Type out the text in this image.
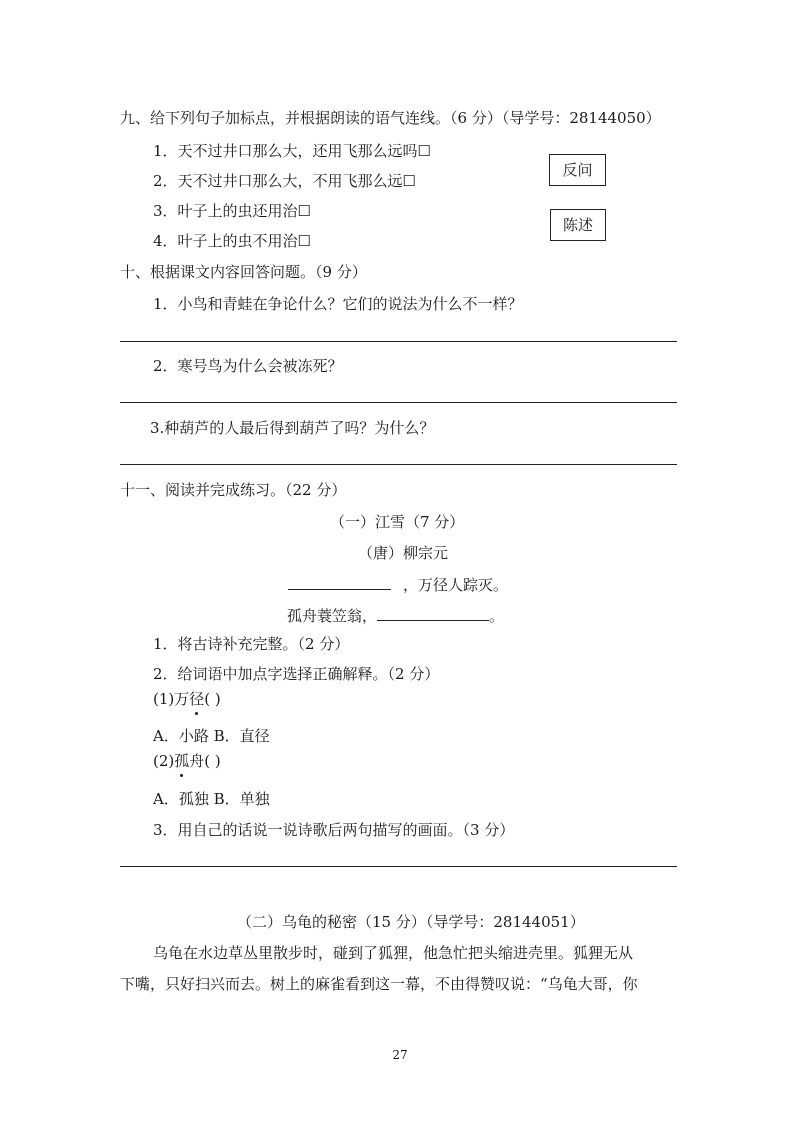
九、给下列句子加标点，并根据朗读的语气连线。（6 分）（导学号：28144050）
1．天不过井口那么大，还用飞那么远吗☐
2．天不过井口那么大，不用飞那么远☐
3．叶子上的虫还用治☐
4．叶子上的虫不用治☐
反问
陈述
十、根据课文内容回答问题。（9 分）
1．小鸟和青蛙在争论什么？它们的说法为什么不一样？
2．寒号鸟为什么会被冻死？
3.种葫芦的人最后得到葫芦了吗？为什么？
十一、阅读并完成练习。（22 分）
（一）江雪（7 分）
（唐）柳宗元
，万径人踪灭。
孤舟蓑笠翁，	。
1．将古诗补充完整。（2 分）
2．给词语中加点字选择正确解释。（2 分）
(1)万径( )
A．小路 B．直径
(2)孤舟( )
A．孤独 B．单独
3．用自己的话说一说诗歌后两句描写的画面。（3 分）
（二）乌龟的秘密（15 分）（导学号：28144051）
乌龟在水边草丛里散步时，碰到了狐狸，他急忙把头缩进壳里。狐狸无从
下嘴，只好扫兴而去。树上的麻雀看到这一幕，不由得赞叹说：“乌龟大哥，你
27
